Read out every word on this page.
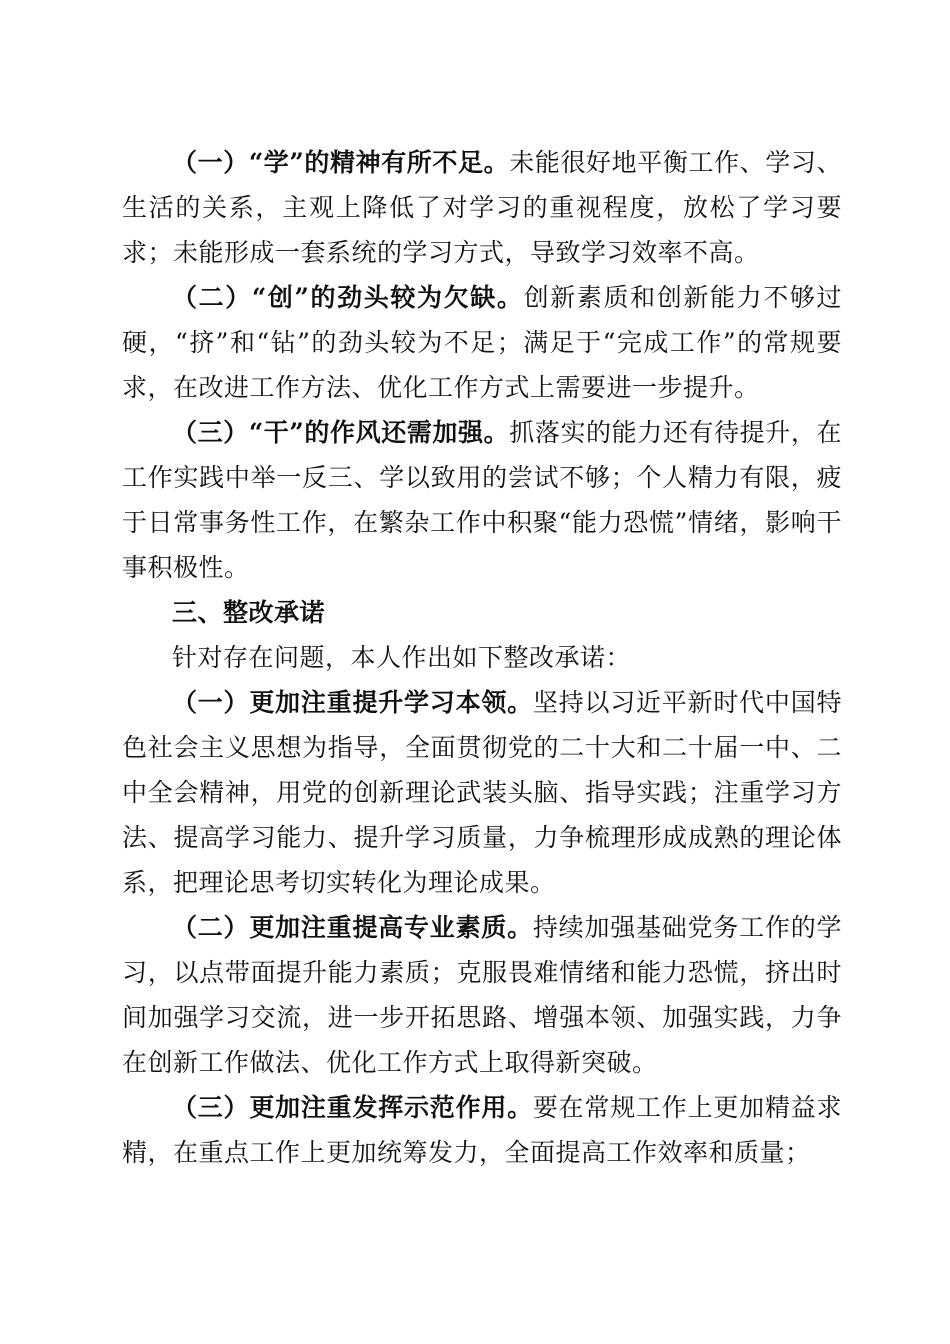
（一）“学”的精神有所不足。未能很好地平衡工作、学习、生活的关系，主观上降低了对学习的重视程度，放松了学习要求；未能形成一套系统的学习方式，导致学习效率不高。

（二）“创”的劲头较为欠缺。创新素质和创新能力不够过硬，“挤”和“钻”的劲头较为不足；满足于“完成工作”的常规要求，在改进工作方法、优化工作方式上需要进一步提升。

（三）“干”的作风还需加强。抓落实的能力还有待提升，在工作实践中举一反三、学以致用的尝试不够；个人精力有限，疲于日常事务性工作，在繁杂工作中积聚“能力恐慌”情绪，影响干事积极性。

三、整改承诺

针对存在问题，本人作出如下整改承诺：

（一）更加注重提升学习本领。坚持以习近平新时代中国特色社会主义思想为指导，全面贯彻党的二十大和二十届一中、二中全会精神，用党的创新理论武装头脑、指导实践；注重学习方法、提高学习能力、提升学习质量，力争梳理形成成熟的理论体系，把理论思考切实转化为理论成果。

（二）更加注重提高专业素质。持续加强基础党务工作的学习，以点带面提升能力素质；克服畏难情绪和能力恐慌，挤出时间加强学习交流，进一步开拓思路、增强本领、加强实践，力争在创新工作做法、优化工作方式上取得新突破。

（三）更加注重发挥示范作用。要在常规工作上更加精益求精，在重点工作上更加统筹发力，全面提高工作效率和质量；
